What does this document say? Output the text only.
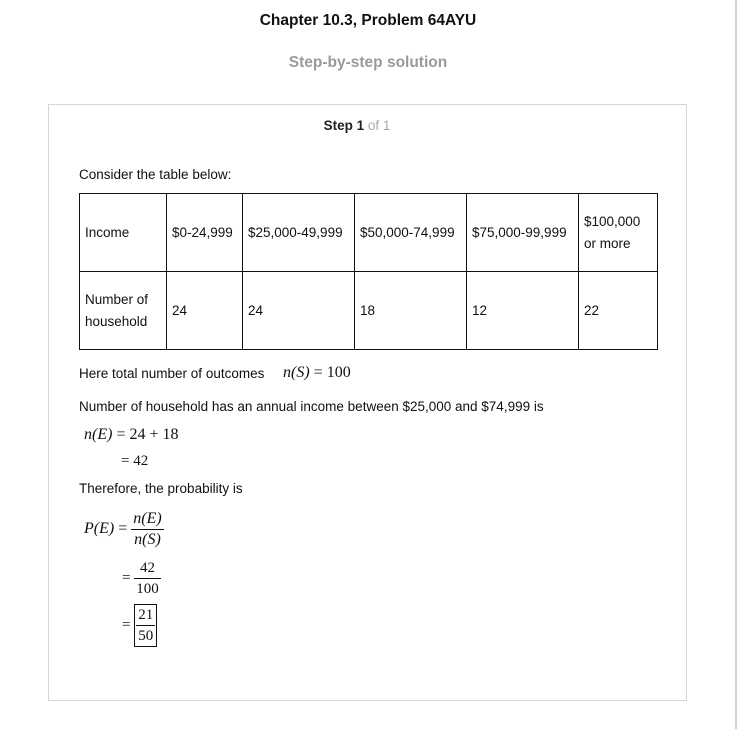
Chapter 10.3, Problem 64AYU
Step-by-step solution
Step 1 of 1
Consider the table below:
Income	$0-24,999	$25,000-49,999	$50,000-74,999	$75,000-99,999	$100,000
or more
Number of
household	24	24	18	12	22
Here total number of outcomes n(S) = 100
Number of household has an annual income between $25,000 and $74,999 is
n(E) = 24 + 18
= 42
Therefore, the probability is
$P(E) = \frac{n(E)}{n(S)}$
= $\frac{42}{100}$
= $\frac{21}{50}$
